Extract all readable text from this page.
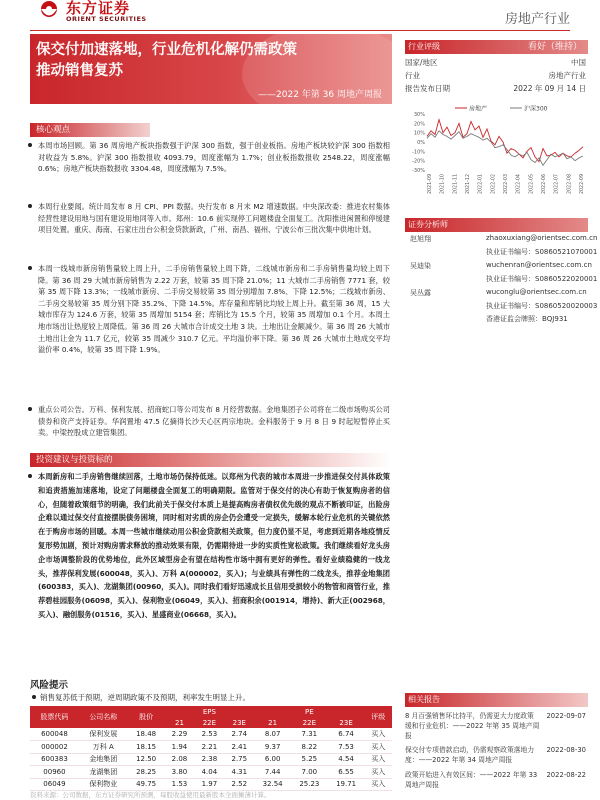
东方证券
ORIENT SECURITIES	房地产行业
保交付加速落地，行业危机化解仍需政策
推动销售复苏
——2022 年第 36 周地产周报
行业评级	看好（维持）
国家/地区	中国
行业	房地产行业
报告发布日期	2022 年 09 月 14 日
房地产	沪深300
30%
20%
10%
0%
-10%
-20%
-30%
2021-09 2021-10 2021-11 2021-12 2022-01 2022-02 2022-03 2022-04 2022-05 2022-06 2022-07 2022-08 2022-09
证券分析师
赵旭翔	zhaoxuxiang@orientsec.com.cn
执业证书编号：S0860521070001
吴迪染	wuchenran@orientsec.com.cn
执业证书编号：S0860522020001
吴丛露	wuconglu@orientsec.com.cn
执业证书编号：S0860520020003
香港证监会牌照：BQJ931
核心观点
本周市场回顾。第 36 周房地产板块指数强于沪深 300 指数，强于创业板指。房地产板块较沪深 300 指数相对收益为 5.8%。沪深 300 指数报收 4093.79，周度涨幅为 1.7%；创业板指数报收 2548.22，周度涨幅 0.6%；房地产板块指数报收 3304.48，周度涨幅为 7.5%。
本周行业要闻。统计局发布 8 月 CPI、PPI 数据。央行发布 8 月末 M2 增速数据。中央深改委：推进农村集体经营性建设用地与国有建设用地同等入市。郑州：10.6 前实现停工问题楼盘全面复工。沈阳推进闲置和停缓建项目处置。重庆、海南、石家庄出台公积金贷款新政，广州、南昌、福州、宁波公布三批次集中供地计划。
本周一线城市新房销售量较上周上升，二手房销售量较上周下降，二线城市新房和二手房销售量均较上周下降。第 36 周 29 大城市新房销售为 2.22 万套，较第 35 周下降 21.0%；11 大城市二手房销售 7771 套，较第 35 周下降 13.3%；一线城市新房、二手房交易较第 35 周分别增加 7.8%、下降 12.5%；二线城市新房、二手房交易较第 35 周分别下降 35.2%、下降 14.5%。库存量和库销比均较上周上升。截至第 36 周，15 大城市库存为 124.6 万套，较第 35 周增加 5154 套；库销比为 15.5 个月，较第 35 周增加 0.1 个月。本周土地市场出让热度较上周降低。第 36 周 26 大城市合计成交土地 3 块。土地出让金额减少。第 36 周 26 大城市土地出让金为 11.7 亿元，较第 35 周减少 310.7 亿元。平均溢价率下降。第 36 周 26 大城市土地成交平均溢价率 0.4%，较第 35 周下降 1.9%。
重点公司公告。万科、保利发展、招商蛇口等公司发布 8 月经营数据。金地集团子公司将在二级市场购买公司债券和资产支持证券。华润置地 47.5 亿摘得长沙天心区两宗地块。金科服务于 9 月 8 日 9 时起短暂停止买卖。中梁控股成立建管集团。
投资建议与投资标的
本周新房和二手房销售继续回落，土地市场仍保持低迷。以郑州为代表的城市本周进一步推进保交付具体政策和追责措施加速落地，设定了问题楼盘全面复工的明确期限。监管对于保交付的决心有助于恢复购房者的信心，但随着政策细节的明确，我们此前关于保交付本质上是提高购房者债权优先级的观点不断被印证，出险房企难以通过保交付直接摆脱债务困境，同时相对劣质的房企仍会遭受一定损失，缓解本轮行业危机的关键依然在于购房市场的回暖。本周一些城市继续动用公积金贷款相关政策，但力度仍显不足，考虑到近期各地疫情反复形势加剧，预计对购房需求释放的推动效果有限，仍需期待进一步的实质性宽松政策。我们继续看好龙头房企市场调整阶段的优势地位，此外区域型房企有望在结构性市场中拥有更好的弹性。看好业绩稳健的一线龙头，推荐保利发展(600048，买入)、万科 A(000002，买入)；与业绩具有弹性的二线龙头，推荐金地集团(600383，买入)、龙湖集团(00960，买入)。同时我们看好迅速成长且信用受损较小的物管和商管行业，推荐碧桂园服务(06098，买入)、保利物业(06049，买入)、招商积余(001914，增持)、新大正(002968，买入)、融创服务(01516，买入)、星盛商业(06668，买入)。
风险提示
销售复苏低于预期，逆周期政策不及预期，利率发生明显上升。
股票代码	公司名称	股价	EPS			PE			评级
			21	22E	23E	21	22E	23E	
600048	保利发展	18.48	2.29	2.53	2.74	8.07	7.31	6.74	买入
000002	万科 A	18.15	1.94	2.21	2.41	9.37	8.22	7.53	买入
600383	金地集团	12.50	2.08	2.38	2.75	6.00	5.25	4.54	买入
00960	龙湖集团	28.25	3.80	4.04	4.31	7.44	7.00	6.55	买入
06049	保利物业	49.75	1.53	1.97	2.52	32.54	25.23	19.71	买入
资料来源：公司数据，东方证券研究所预测，每股收益使用最新股本全面摊薄计算。
相关报告
8 月百强销售环比持平，仍需更大力度政策缓和行业危机：——2022 年第 35 周地产周报
2022-09-07
保交付专项借款启动，仍需观察政策落地力度：——2022 年第 34 周地产周报
2022-08-30
政策开始进入有效区间：——2022 年第 33 周地产周报
2022-08-22
